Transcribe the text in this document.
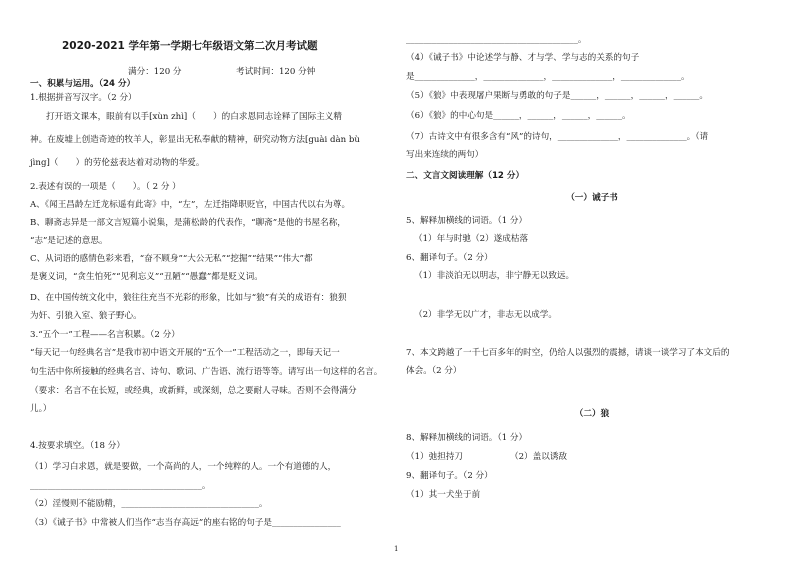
2020-2021 学年第一学期七年级语文第二次月考试题
满分：120 分	考试时间：120 分钟
一、积累与运用。（24 分）
1.根据拼音写汉字。（2 分）
打开语文课本，眼前有以手[xùn zhì]（　　）的白求恩同志诠释了国际主义精
神。在废墟上创造奇迹的牧羊人，彰显出无私奉献的精神，研究动物方法[guài dàn bù
jìng]（　　）的劳伦兹表达着对动物的华爱。
2.表述有误的一项是（　　）。（ 2 分 ）
A、《闻王昌龄左迁龙标遥有此寄》中，“左”，左迁指降职贬官，中国古代以右为尊。
B、聊斋志异是一部文言短篇小说集，是蒲松龄的代表作，“聊斋”是他的书屋名称，
“志”是记述的意思。
C、从词语的感情色彩来看，“奋不顾身”“大公无私”“挖掘”“结果”“伟大”都
是褒义词，“贪生怕死”“见利忘义”“丑陋”“愚蠢”都是贬义词。
D、在中国传统文化中，狼往往充当不光彩的形象，比如与“狼”有关的成语有：狼狈
为奸、引狼入室、狼子野心。
3.“五个一”工程——名言积累。（2 分）
“每天记一句经典名言”是我市初中语文开展的“五个一”工程活动之一，即每天记一
句生活中你所接触的经典名言、诗句、歌词、广告语、流行语等等。请写出一句这样的名言。
（要求：名言不在长短，或经典，或新鲜，或深刻，总之要耐人寻味。否则不会得满分
儿。）
4.按要求填空。（18 分）
（1）学习白求恩，就是要做，一个高尚的人，一个纯粹的人。一个有道德的人，
________________________________________。
（2）淫慢则不能励精，________________________________。
（3）《诫子书》中常被人们当作“志当存高远”的座右铭的句子是________________
________________________________________。
（4）《诫子书》中论述学与静、才与学、学与志的关系的句子
是______________，______________，______________，______________。
（5）《狼》中表现屠户果断与勇敢的句子是______，______，______，______。
（6）《狼》的中心句是______，______，______，______。
（7）古诗文中有很多含有“风”的诗句，______________，______________。（请
写出来连续的两句）
二、文言文阅读理解（12 分）
（一）诫子书
5、解释加横线的词语。（1 分）
（1）年与时驰（2）遂成枯落
6、翻译句子。（2 分）
（1）非淡泊无以明志，非宁静无以致远。
（2）非学无以广才，非志无以成学。
7、本文跨越了一千七百多年的时空，仍给人以强烈的震撼，请谈一谈学习了本文后的
体会。（2 分）
（二）狼
8、解释加横线的词语。（1 分）
（1）弛担持刀	（2）盖以诱敌
9、翻译句子。（2 分）
（1）其一犬坐于前
1
